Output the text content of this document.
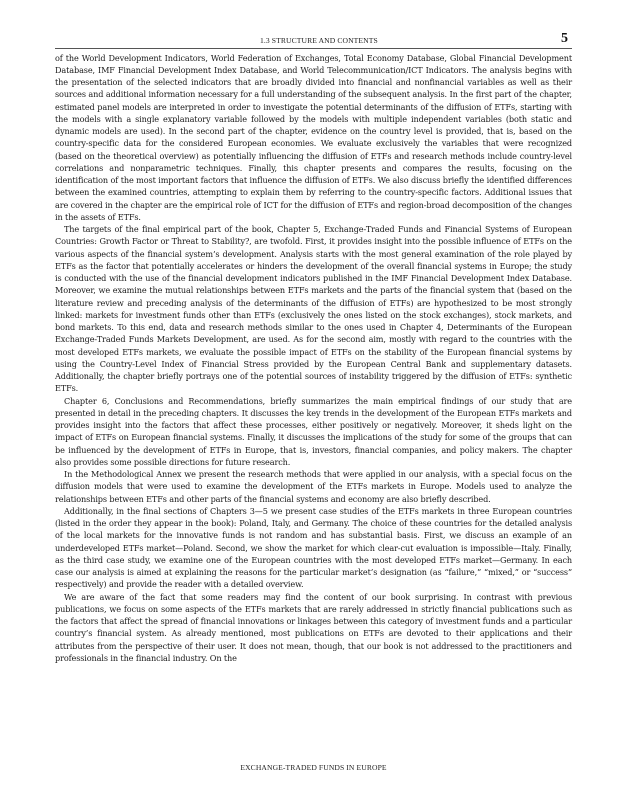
1.3 STRUCTURE AND CONTENTS	5

of the World Development Indicators, World Federation of Exchanges, Total Economy Database, Global Financial Development Database, IMF Financial Development Index Database, and World Telecommunication/ICT Indicators. The analysis begins with the presentation of the selected indicators that are broadly divided into financial and nonfinancial variables as well as their sources and additional information necessary for a full understanding of the subsequent analysis. In the first part of the chapter, estimated panel models are interpreted in order to investigate the potential determinants of the diffusion of ETFs, starting with the models with a single explanatory variable followed by the models with multiple independent variables (both static and dynamic models are used). In the second part of the chapter, evidence on the country level is provided, that is, based on the country-specific data for the considered European economies. We evaluate exclusively the variables that were recognized (based on the theoretical overview) as potentially influencing the diffusion of ETFs and research methods include country-level correlations and nonparametric techniques. Finally, this chapter presents and compares the results, focusing on the identification of the most important factors that influence the diffusion of ETFs. We also discuss briefly the identified differences between the examined countries, attempting to explain them by referring to the country-specific factors. Additional issues that are covered in the chapter are the empirical role of ICT for the diffusion of ETFs and region-broad decomposition of the changes in the assets of ETFs.

The targets of the final empirical part of the book, Chapter 5, Exchange-Traded Funds and Financial Systems of European Countries: Growth Factor or Threat to Stability?, are twofold. First, it provides insight into the possible influence of ETFs on the various aspects of the financial system’s development. Analysis starts with the most general examination of the role played by ETFs as the factor that potentially accelerates or hinders the development of the overall financial systems in Europe; the study is conducted with the use of the financial development indicators published in the IMF Financial Development Index Database. Moreover, we examine the mutual relationships between ETFs markets and the parts of the financial system that (based on the literature review and preceding analysis of the determinants of the diffusion of ETFs) are hypothesized to be most strongly linked: markets for investment funds other than ETFs (exclusively the ones listed on the stock exchanges), stock markets, and bond markets. To this end, data and research methods similar to the ones used in Chapter 4, Determinants of the European Exchange-Traded Funds Markets Development, are used. As for the second aim, mostly with regard to the countries with the most developed ETFs markets, we evaluate the possible impact of ETFs on the stability of the European financial systems by using the Country-Level Index of Financial Stress provided by the European Central Bank and supplementary datasets. Additionally, the chapter briefly portrays one of the potential sources of instability triggered by the diffusion of ETFs: synthetic ETFs.

Chapter 6, Conclusions and Recommendations, briefly summarizes the main empirical findings of our study that are presented in detail in the preceding chapters. It discusses the key trends in the development of the European ETFs markets and provides insight into the factors that affect these processes, either positively or negatively. Moreover, it sheds light on the impact of ETFs on European financial systems. Finally, it discusses the implications of the study for some of the groups that can be influenced by the development of ETFs in Europe, that is, investors, financial companies, and policy makers. The chapter also provides some possible directions for future research.

In the Methodological Annex we present the research methods that were applied in our analysis, with a special focus on the diffusion models that were used to examine the development of the ETFs markets in Europe. Models used to analyze the relationships between ETFs and other parts of the financial systems and economy are also briefly described.

Additionally, in the final sections of Chapters 3—5 we present case studies of the ETFs markets in three European countries (listed in the order they appear in the book): Poland, Italy, and Germany. The choice of these countries for the detailed analysis of the local markets for the innovative funds is not random and has substantial basis. First, we discuss an example of an underdeveloped ETFs market—Poland. Second, we show the market for which clear-cut evaluation is impossible—Italy. Finally, as the third case study, we examine one of the European countries with the most developed ETFs market—Germany. In each case our analysis is aimed at explaining the reasons for the particular market’s designation (as “failure,” “mixed,” or “success” respectively) and provide the reader with a detailed overview.

We are aware of the fact that some readers may find the content of our book surprising. In contrast with previous publications, we focus on some aspects of the ETFs markets that are rarely addressed in strictly financial publications such as the factors that affect the spread of financial innovations or linkages between this category of investment funds and a particular country’s financial system. As already mentioned, most publications on ETFs are devoted to their applications and their attributes from the perspective of their user. It does not mean, though, that our book is not addressed to the practitioners and professionals in the financial industry. On the

EXCHANGE-TRADED FUNDS IN EUROPE
